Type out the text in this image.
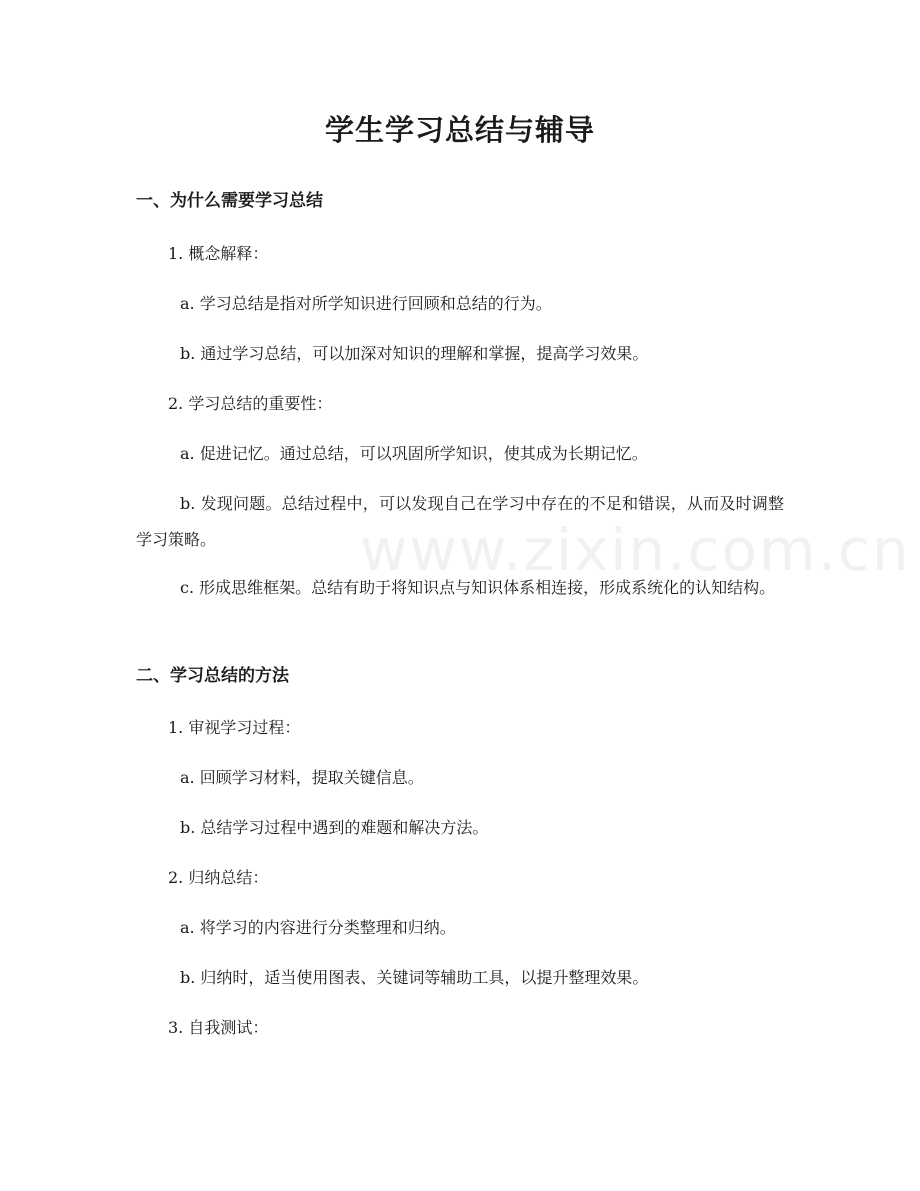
www.zixin.com.cn
学生学习总结与辅导
一、为什么需要学习总结

1. 概念解释：

a. 学习总结是指对所学知识进行回顾和总结的行为。

b. 通过学习总结，可以加深对知识的理解和掌握，提高学习效果。

2. 学习总结的重要性：

a. 促进记忆。通过总结，可以巩固所学知识，使其成为长期记忆。

b. 发现问题。总结过程中，可以发现自己在学习中存在的不足和错误，从而及时调整学习策略。

c. 形成思维框架。总结有助于将知识点与知识体系相连接，形成系统化的认知结构。

二、学习总结的方法

1. 审视学习过程：

a. 回顾学习材料，提取关键信息。

b. 总结学习过程中遇到的难题和解决方法。

2. 归纳总结：

a. 将学习的内容进行分类整理和归纳。

b. 归纳时，适当使用图表、关键词等辅助工具，以提升整理效果。

3. 自我测试：
